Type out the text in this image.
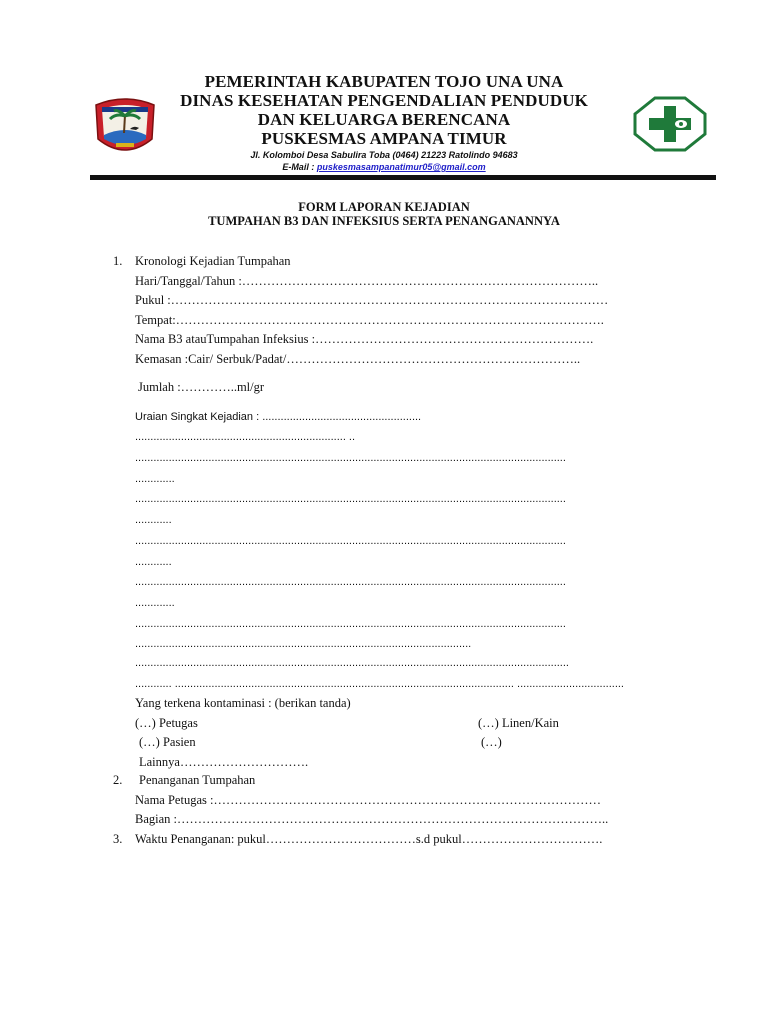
PEMERINTAH KABUPATEN TOJO UNA UNA
DINAS KESEHATAN PENGENDALIAN PENDUDUK
DAN KELUARGA BERENCANA
PUSKESMAS AMPANA TIMUR
Jl. Kolomboi Desa Sabulira Toba (0464) 21223 Ratolindo 94683
E-Mail : puskesmasampanatimur05@gmail.com
FORM LAPORAN KEJADIAN
TUMPAHAN B3 DAN INFEKSIUS SERTA PENANGANANNYA
1. Kronologi Kejadian Tumpahan
Hari/Tanggal/Tahun :…………………………………………………………………………..
Pukul :……………………………………………………………………………………………
Tempat:………………………………………………………………………………………….
Nama B3 atauTumpahan Infeksius :………………………………………………………….
Kemasan :Cair/ Serbuk/Padat/……………………………………………………………..
Jumlah :…………..ml/gr
Uraian Singkat Kejadian : ....................................................
..................................................................... ..
.............................................................................................................................................
.............
.............................................................................................................................................
............
.............................................................................................................................................
............
.............................................................................................................................................
.............
.............................................................................................................................................
..............................................................................................................
..............................................................................................................................................
............ ............................................................................................................... ...................................
Yang terkena kontaminasi : (berikan tanda)
(…) Petugas	(…) Linen/Kain
(…) Pasien	(…)
Lainnya………………………….
2. Penanganan Tumpahan
Nama Petugas :…………………………………………………………………………………
Bagian :…………………………………………………………………………………………..
3. Waktu Penanganan: pukul………………………………s.d pukul…………………………….
